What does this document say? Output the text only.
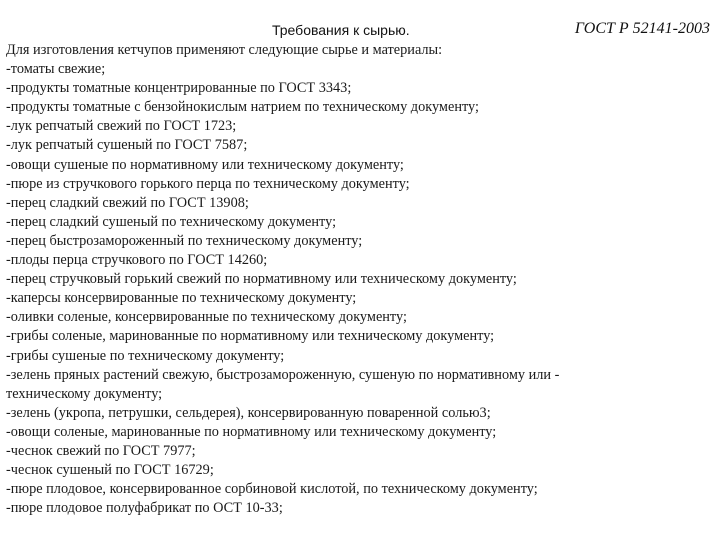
Требования к сырью.	ГОСТ Р 52141-2003
Для изготовления кетчупов применяют следующие сырье и материалы:
-томаты свежие;
-продукты томатные концентрированные по ГОСТ 3343;
-продукты томатные с бензойнокислым натрием по техническому документу;
-лук репчатый свежий по ГОСТ 1723;
-лук репчатый сушеный по ГОСТ 7587;
-овощи сушеные по нормативному или техническому документу;
-пюре из стручкового горького перца по техническому документу;
-перец сладкий свежий по ГОСТ 13908;
-перец сладкий сушеный по техническому документу;
-перец быстрозамороженный по техническому документу;
-плоды перца стручкового по ГОСТ 14260;
-перец стручковый горький свежий по нормативному или техническому документу;
-каперсы консервированные по техническому документу;
-оливки соленые, консервированные по техническому документу;
-грибы соленые, маринованные по нормативному или техническому документу;
-грибы сушеные по техническому документу;
-зелень пряных растений свежую, быстрозамороженную, сушеную по нормативному или -
техническому документу;
-зелень (укропа, петрушки, сельдерея), консервированную поваренной солью3;
-овощи соленые, маринованные по нормативному или техническому документу;
-чеснок свежий по ГОСТ 7977;
-чеснок сушеный по ГОСТ 16729;
-пюре плодовое, консервированное сорбиновой кислотой, по техническому документу;
-пюре плодовое полуфабрикат по ОСТ 10-33;
